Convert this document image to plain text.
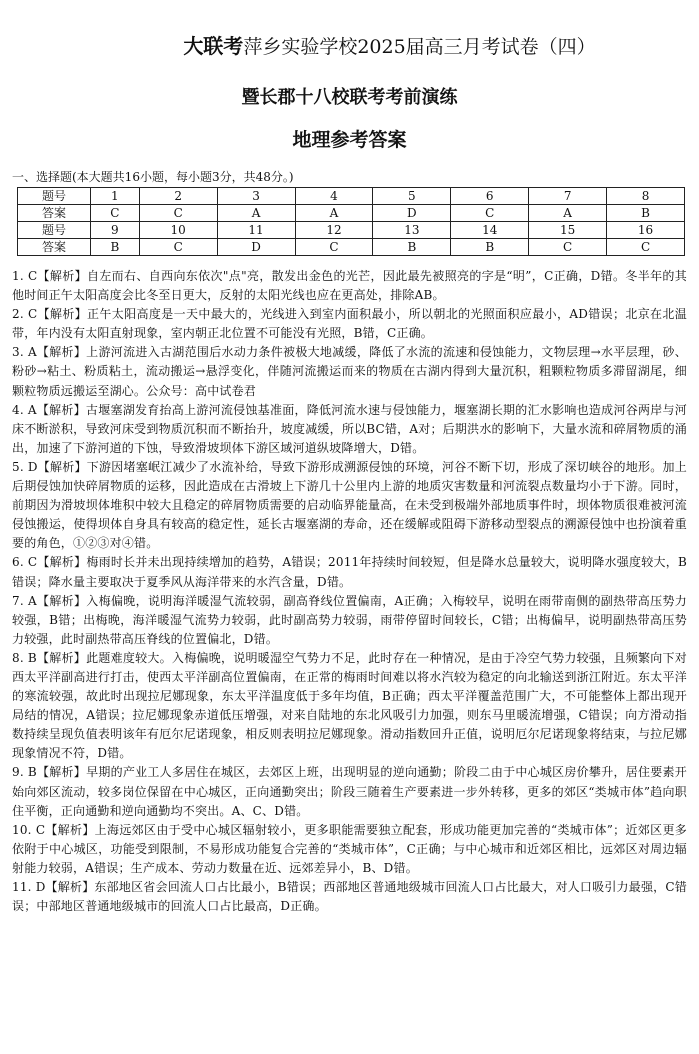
大联考萍乡实验学校2025届高三月考试卷（四）
暨长郡十八校联考考前演练
地理参考答案
一、选择题(本大题共16小题，每小题3分，共48分。)
题号	1	2	3	4	5	6	7	8
答案	C	C	A	A	D	C	A	B
题号	9	10	11	12	13	14	15	16
答案	B	C	D	C	B	B	C	C

1. C【解析】自左而右、自西向东依次"点"亮，散发出金色的光芒，因此最先被照亮的字是“明”，C正确，D错。冬半年的其他时间正午太阳高度会比冬至日更大，反射的太阳光线也应在更高处，排除AB。

2. C【解析】正午太阳高度是一天中最大的，光线进入到室内面积最小，所以朝北的光照面积应最小，AD错误；北京在北温带，年内没有太阳直射现象，室内朝正北位置不可能没有光照，B错，C正确。

3. A【解析】上游河流进入古湖范围后水动力条件被极大地减缓，降低了水流的流速和侵蚀能力，文物层理→水平层理，砂、粉砂→粘土、粉质粘土，流动搬运→悬浮变化，伴随河流搬运而来的物质在古湖内得到大量沉积，粗颗粒物质多滞留湖尾，细颗粒物质远搬运至湖心。公众号：高中试卷君

4. A【解析】古堰塞湖发育抬高上游河流侵蚀基准面，降低河流水速与侵蚀能力，堰塞湖长期的汇水影响也造成河谷两岸与河床不断淤积，导致河床受到物质沉积而不断抬升，坡度减缓，所以BC错，A对；后期洪水的影响下，大量水流和碎屑物质的涌出，加速了下游河道的下蚀，导致滑坡坝体下游区域河道纵坡降增大，D错。

5. D【解析】下游因堵塞岷江减少了水流补给，导致下游形成溯源侵蚀的环境，河谷不断下切，形成了深切峡谷的地形。加上后期侵蚀加快碎屑物质的运移，因此造成在古滑坡上下游几十公里内上游的地质灾害数量和河流裂点数量均小于下游。同时，前期因为滑坡坝体堆积中较大且稳定的碎屑物质需要的启动临界能量高，在未受到极端外部地质事件时，坝体物质很难被河流侵蚀搬运，使得坝体自身具有较高的稳定性，延长古堰塞湖的寿命，还在缓解或阻碍下游移动型裂点的溯源侵蚀中也扮演着重要的角色，①②③对④错。

6. C【解析】梅雨时长并未出现持续增加的趋势，A错误；2011年持续时间较短，但是降水总量较大，说明降水强度较大，B错误；降水量主要取决于夏季风从海洋带来的水汽含量，D错。

7. A【解析】入梅偏晚，说明海洋暖湿气流较弱，副高脊线位置偏南，A正确；入梅较早，说明在雨带南侧的副热带高压势力较强，B错；出梅晚，海洋暖湿气流势力较弱，此时副高势力较弱，雨带停留时间较长，C错；出梅偏早，说明副热带高压势力较强，此时副热带高压脊线的位置偏北，D错。

8. B【解析】此题难度较大。入梅偏晚，说明暖湿空气势力不足，此时存在一种情况，是由于冷空气势力较强，且频繁向下对西太平洋副高进行打击，使西太平洋副高位置偏南，在正常的梅雨时间难以将水汽较为稳定的向北输送到浙江附近。东太平洋的寒流较强，故此时出现拉尼娜现象，东太平洋温度低于多年均值，B正确；西太平洋覆盖范围广大，不可能整体上都出现开局结的情况，A错误；拉尼娜现象赤道低压增强，对来自陆地的东北风吸引力加强，则东马里暖流增强，C错误；向方滑动指数持续呈现负值表明该年有厄尔尼诺现象，相反则表明拉尼娜现象。滑动指数回升正值，说明厄尔尼诺现象将结束，与拉尼娜现象情况不符，D错。

9. B【解析】早期的产业工人多居住在城区，去郊区上班，出现明显的逆向通勤；阶段二由于中心城区房价攀升，居住要素开始向郊区流动，较多岗位保留在中心城区，正向通勤突出；阶段三随着生产要素进一步外转移，更多的郊区“类城市体”趋向职住平衡，正向通勤和逆向通勤均不突出。A、C、D错。

10. C【解析】上海远郊区由于受中心城区辐射较小，更多职能需要独立配套，形成功能更加完善的“类城市体”；近郊区更多依附于中心城区，功能受到限制，不易形成功能复合完善的“类城市体”，C正确；与中心城市和近郊区相比，远郊区对周边辐射能力较弱，A错误；生产成本、劳动力数量在近、远郊差异小，B、D错。

11. D【解析】东部地区省会回流人口占比最小，B错误；西部地区普通地级城市回流人口占比最大，对人口吸引力最强，C错误；中部地区普通地级城市的回流人口占比最高，D正确。
